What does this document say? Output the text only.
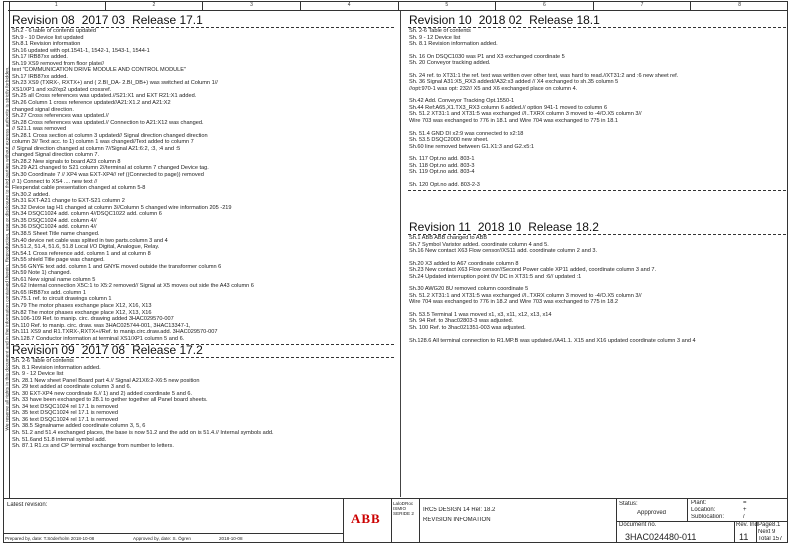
1	2	3	4	5	6	7	8
We reserve all rights in this document and in the information contained therein. Reproduction, use or disclosure to third parties without express authority is strictly forbidden.
Revision 08 2017 03 Release 17.1
Sh.2 - 6 table of contents updated
Sh.9 - 10 Device list updated
Sh.8.1 Revision information
Sh.16 updated with opt.1541-1, 1542-1, 1543-1, 1544-1
Sh.17 IRB87xx added.
Sh.19 XS9 removed from floor plate//
text "COMMUNICATION DRIVE MODULE AND CONTROL MODULE"
Sh.17 IRB87xx added.
Sh.23 XS9 (TXRX-, RXTX+) and ( 2.BI_DA- 2.BI_DB+) was switched at Column 1//
XS1/XP1 and xs2/xp2 updated crossref.
Sh.25 all Cross references was updated.//S21:X1 and EXT R21:X1 added.
Sh.26 Column 1 cross reference updated//A21:X1.2 and A21:X2
changed signal direction.
Sh.27 Cross references was updated.//
Sh.28 Cross references was updated.// Connection to A21:X12 was changed.
// S21.1 was removed
Sh.28.1 Cross section at column 3 updated// Signal direction changed direction
column 3// Text acc. to 1) column 1 was changed//Text added to column 7
// Signal direction changed at column 7//Signal A21:6:2, :3, :4 and :5
changed Signal direction column 7.
Sh.28.2 New signals to board A23 column 8
Sh.29 A21 changed to S21 column 2//terminal at column 7 changed Device tag.
Sh.30 Coordinate 7 // XP4 was EXT-XP4// ref ((Connected to page)) removed
// 1) Connect to XS4 .... new text //
Flexpendat cable presentation changed at column 5-8
Sh.30.2 added.
Sh.31 EXT-A21 change to EXT-S21 column 2
Sh.32 Device tag H1 changed at column 3//Column 5 changed wire information 205 -219
Sh.34 DSQC1024 add. column 4//DSQC1022 add. column 6
Sh.35 DSQC1024 add. column 4//
Sh.36 DSQC1024 add. column 4//
Sh.38.5 Sheet Title name changed.
Sh.40 device net cable was splited in two parts.column 3 and 4
Sh.51.2, 51.4, 51.6, 51.8 Local I/O Digital, Analogue, Relay.
Sh.54.1 Cross reference add. column 1 and at column 8
Sh.55 shield Title page was changed.
Sh.56 GNYE text add. column 1 and GNYE moved outside the transformer column 6
Sh.59 Note 1) changed.
Sh.61 New signal name column 5
Sh.62 Internal connection X5C:1 to X5:2 removed// Signal at X5 moves out side the A43 column 6
Sh.65 IRB87xx add. column 1
Sh.75.1 ref. to circuit drawings column 1
Sh.79 The motor phases exchange place X12, X16, X13
Sh.82 The motor phases exchange place X12, X13, X16
Sh.106-109 Ref. to manip. circ. drawing added 3HAC029570-007
Sh.110 Ref. to manip. circ. draw. was 3HAC025744-001, 3HAC13347-1,
Sh.111 XS9 and R1.TXRX-,RXTX+//Ref. to manip.circ.draw.add. 3HAC029570-007
Sh.128.7 Conductor information at terminal XS1/XP1 column 5 and 6.
Revision 09 2017 08 Release 17.2
Sh. 2-6 Table of contents
Sh. 8.1 Revision information added.
Sh. 9 - 12 Device list
Sh. 28.1 New sheet Panel Board part 4.// Signal A21X6:2-X6:5 new position
Sh. 29 text added at coordinate column 3 and 6.
Sh. 30 EXT-XP4 new coordinate 6.// 1) and 2) added coordinate 5 and 6.
Sh. 33 have been exchanged to 28.1 to gether together all Panel board sheets.
Sh. 34 text DSQC1024 rel 17.1 is removed
Sh. 35 text DSQC1024 rel 17.1 is removed
Sh. 36 text DSQC1024 rel 17.1 is removed
Sh. 38.5 Signalname added coordinate column 3, 5, 6
Sh. 51.2 and 51.4 exchanged places, the base is now 51.2 and the add on is 51.4.// Internal symbols add.
Sh. 51.6and 51.8 internal symbol add.
Sh. 87.1 R1.cs and CP terminal exchange from number to letters.
Revision 10 2018 02 Release 18.1
Sh. 2-6 Table of contents
Sh. 9 - 12 Device list
Sh. 8.1 Revision information added.
Sh. 16 On DSQC1030 was P1 and X3 exchanged coordinate 5
Sh. 20 Conveyor tracking added.
Sh. 24 ref. to XT31:1 the ref. text was written over other text, was hard to read.//XT31:2 and :6 new sheet ref.
Sh. 36 Signal A31:X5_RX3 added//A32:x3 added // X4 exchanged to sh.35 column 5
//opt:970-1 was opt: 232// X5 and X6 exchanged place on column 4.
Sh.42 Add. Conveyor Tracking Opt.1550-1
Sh.44 Ref:A65,X1.TX3_RX3 column 6 added.// option 941-1 moved to column 6
Sh. 51.2 XT31:1 and XT31:5 was exchanged //I..TXRX column 3 moved to -4/O.X5 column 3//
Wire 703 was exchanged to 776 in 18.1 and Wire 704 was exchanged to 775 in 18.1
Sh. 51.4 GND DI x2:9 was connected to x2:18
Sh. 53.5 DSQC2000 new sheet.
Sh.60 line removed between G1.X1:3 and G2.x5:1
Sh. 117 Opt.no add. 803-1
Sh. 118 Opt.no add. 803-3
Sh. 119 Opt.no add. 803-4
Sh. 120 Opt.no add. 803-2-3
Revision 11 2018 10 Release 18.2
Sh.1 ABB ABB changed to ABB
Sh.7 Symbol Varistor added. coordinate column 4 and 5.
Sh.16 New contact X63 Flow censor//XS11 add. coordinate column 2 and 3.
Sh.20 X3 added to A67 coordinate column 8
Sh.23 New contact X63 Flow censor//Second Power cable XP11 added, coordinate column 3 and 7.
Sh.24 Updated interruption point 0V DC in XT31:5 and :6// updated :1
Sh.30 AWG20 8U removed column coordinate 5
Sh. 51.2 XT31:1 and XT31:5 was exchanged //I..TXRX column 3 moved to -4/O.X5 column 3//
Wire 704 was exchanged to 776 in 18.2 and Wire 703 was exchanged to 775 in 18.2
Sh. 53.5 Terminal 1 was moved x1, x3, x11, x12, x13, x14
Sh. 94 Ref. to 3hac02803-3 was adjusted.
Sh. 100 Ref. to 3hac021351-003 was adjusted.
Sh.128.6 All terminal connection to R1.MP.B was updated.//A41.1. X15 and X16 updated coordinate column 3 and 4
Latest revision:
Prepared by, date: T.Söderholm 2018-10-08	Approved by, date: S. Ögren	2018-10-08
ABB
LaloDRoc
ISMIO
SERIDE 2
IRC5 DESIGN 14 Rel: 18.2
REVISION INFOMATION
Status:
Appproved
Plant:	=
Location:	+
Sublocation:	/
Document no.
3HAC024480-011
Rev. Ind
11
Page8.1
Next 9
Total 157
